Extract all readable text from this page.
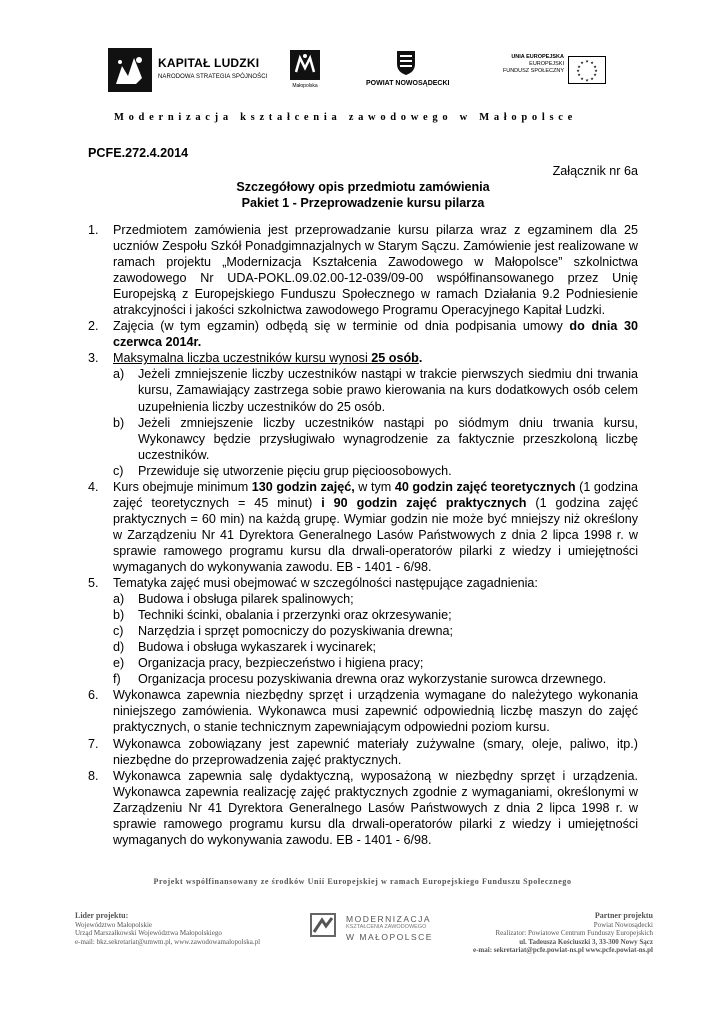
KAPITAŁ LUDZKI
NARODOWA STRATEGIA SPÓJNOŚCI
Małopolska	POWIAT NOWOSĄDECKI
UNIA EUROPEJSKA
EUROPEJSKI
FUNDUSZ SPOŁECZNY
★ ★
★
★
★
★
★
★
★
★
★
★
Modernizacja kształcenia zawodowego w Małopolsce
PCFE.272.4.2014
Załącznik nr 6a
Szczegółowy opis przedmiotu zamówienia
Pakiet 1 - Przeprowadzenie kursu pilarza
1. Przedmiotem zamówienia jest przeprowadzanie kursu pilarza wraz z egzaminem dla 25 uczniów Zespołu Szkół Ponadgimnazjalnych w Starym Sączu. Zamówienie jest realizowane w ramach projektu „Modernizacja Kształcenia Zawodowego w Małopolsce” szkolnictwa zawodowego Nr UDA-POKL.09.02.00-12-039/09-00 współfinansowanego przez Unię Europejską z Europejskiego Funduszu Społecznego w ramach Działania 9.2 Podniesienie atrakcyjności i jakości szkolnictwa zawodowego Programu Operacyjnego Kapitał Ludzki.
2. Zajęcia (w tym egzamin) odbędą się w terminie od dnia podpisania umowy do dnia 30 czerwca 2014r.
3. Maksymalna liczba uczestników kursu wynosi 25 osób.
a) Jeżeli zmniejszenie liczby uczestników nastąpi w trakcie pierwszych siedmiu dni trwania kursu, Zamawiający zastrzega sobie prawo kierowania na kurs dodatkowych osób celem uzupełnienia liczby uczestników do 25 osób.
b) Jeżeli zmniejszenie liczby uczestników nastąpi po siódmym dniu trwania kursu, Wykonawcy będzie przysługiwało wynagrodzenie za faktycznie przeszkoloną liczbę uczestników.
c) Przewiduje się utworzenie pięciu grup pięcioosobowych.
4. Kurs obejmuje minimum 130 godzin zajęć, w tym 40 godzin zajęć teoretycznych (1 godzina zajęć teoretycznych = 45 minut) i 90 godzin zajęć praktycznych (1 godzina zajęć praktycznych = 60 min) na każdą grupę. Wymiar godzin nie może być mniejszy niż określony w Zarządzeniu Nr 41 Dyrektora Generalnego Lasów Państwowych z dnia 2 lipca 1998 r. w sprawie ramowego programu kursu dla drwali-operatorów pilarki z wiedzy i umiejętności wymaganych do wykonywania zawodu. EB - 1401 - 6/98.
5. Tematyka zajęć musi obejmować w szczególności następujące zagadnienia:
a) Budowa i obsługa pilarek spalinowych;
b) Techniki ścinki, obalania i przerzynki oraz okrzesywanie;
c) Narzędzia i sprzęt pomocniczy do pozyskiwania drewna;
d) Budowa i obsługa wykaszarek i wycinarek;
e) Organizacja pracy, bezpieczeństwo i higiena pracy;
f) Organizacja procesu pozyskiwania drewna oraz wykorzystanie surowca drzewnego.
6. Wykonawca zapewnia niezbędny sprzęt i urządzenia wymagane do należytego wykonania niniejszego zamówienia. Wykonawca musi zapewnić odpowiednią liczbę maszyn do zajęć praktycznych, o stanie technicznym zapewniającym odpowiedni poziom kursu.
7. Wykonawca zobowiązany jest zapewnić materiały zużywalne (smary, oleje, paliwo, itp.) niezbędne do przeprowadzenia zajęć praktycznych.
8. Wykonawca zapewnia salę dydaktyczną, wyposażoną w niezbędny sprzęt i urządzenia. Wykonawca zapewnia realizację zajęć praktycznych zgodnie z wymaganiami, określonymi w Zarządzeniu Nr 41 Dyrektora Generalnego Lasów Państwowych z dnia 2 lipca 1998 r. w sprawie ramowego programu kursu dla drwali-operatorów pilarki z wiedzy i umiejętności wymaganych do wykonywania zawodu. EB - 1401 - 6/98.
Projekt współfinansowany ze środków Unii Europejskiej w ramach Europejskiego Funduszu Społecznego
Lider projektu:
Województwo Małopolskie
Urząd Marszałkowski Województwa Małopolskiego
e-mail: bkz.sekretariat@umwm.pl, www.zawodowamalopolska.pl
MODERNIZACJA
KSZTAŁCENIA ZAWODOWEGO
W MAŁOPOLSCE
Partner projektu
Powiat Nowosądecki
Realizator: Powiatowe Centrum Funduszy Europejskich
ul. Tadeusza Kościuszki 3, 33-300 Nowy Sącz
e-mai: sekretariat@pcfe.powiat-ns.pl www.pcfe.powiat-ns.pl
